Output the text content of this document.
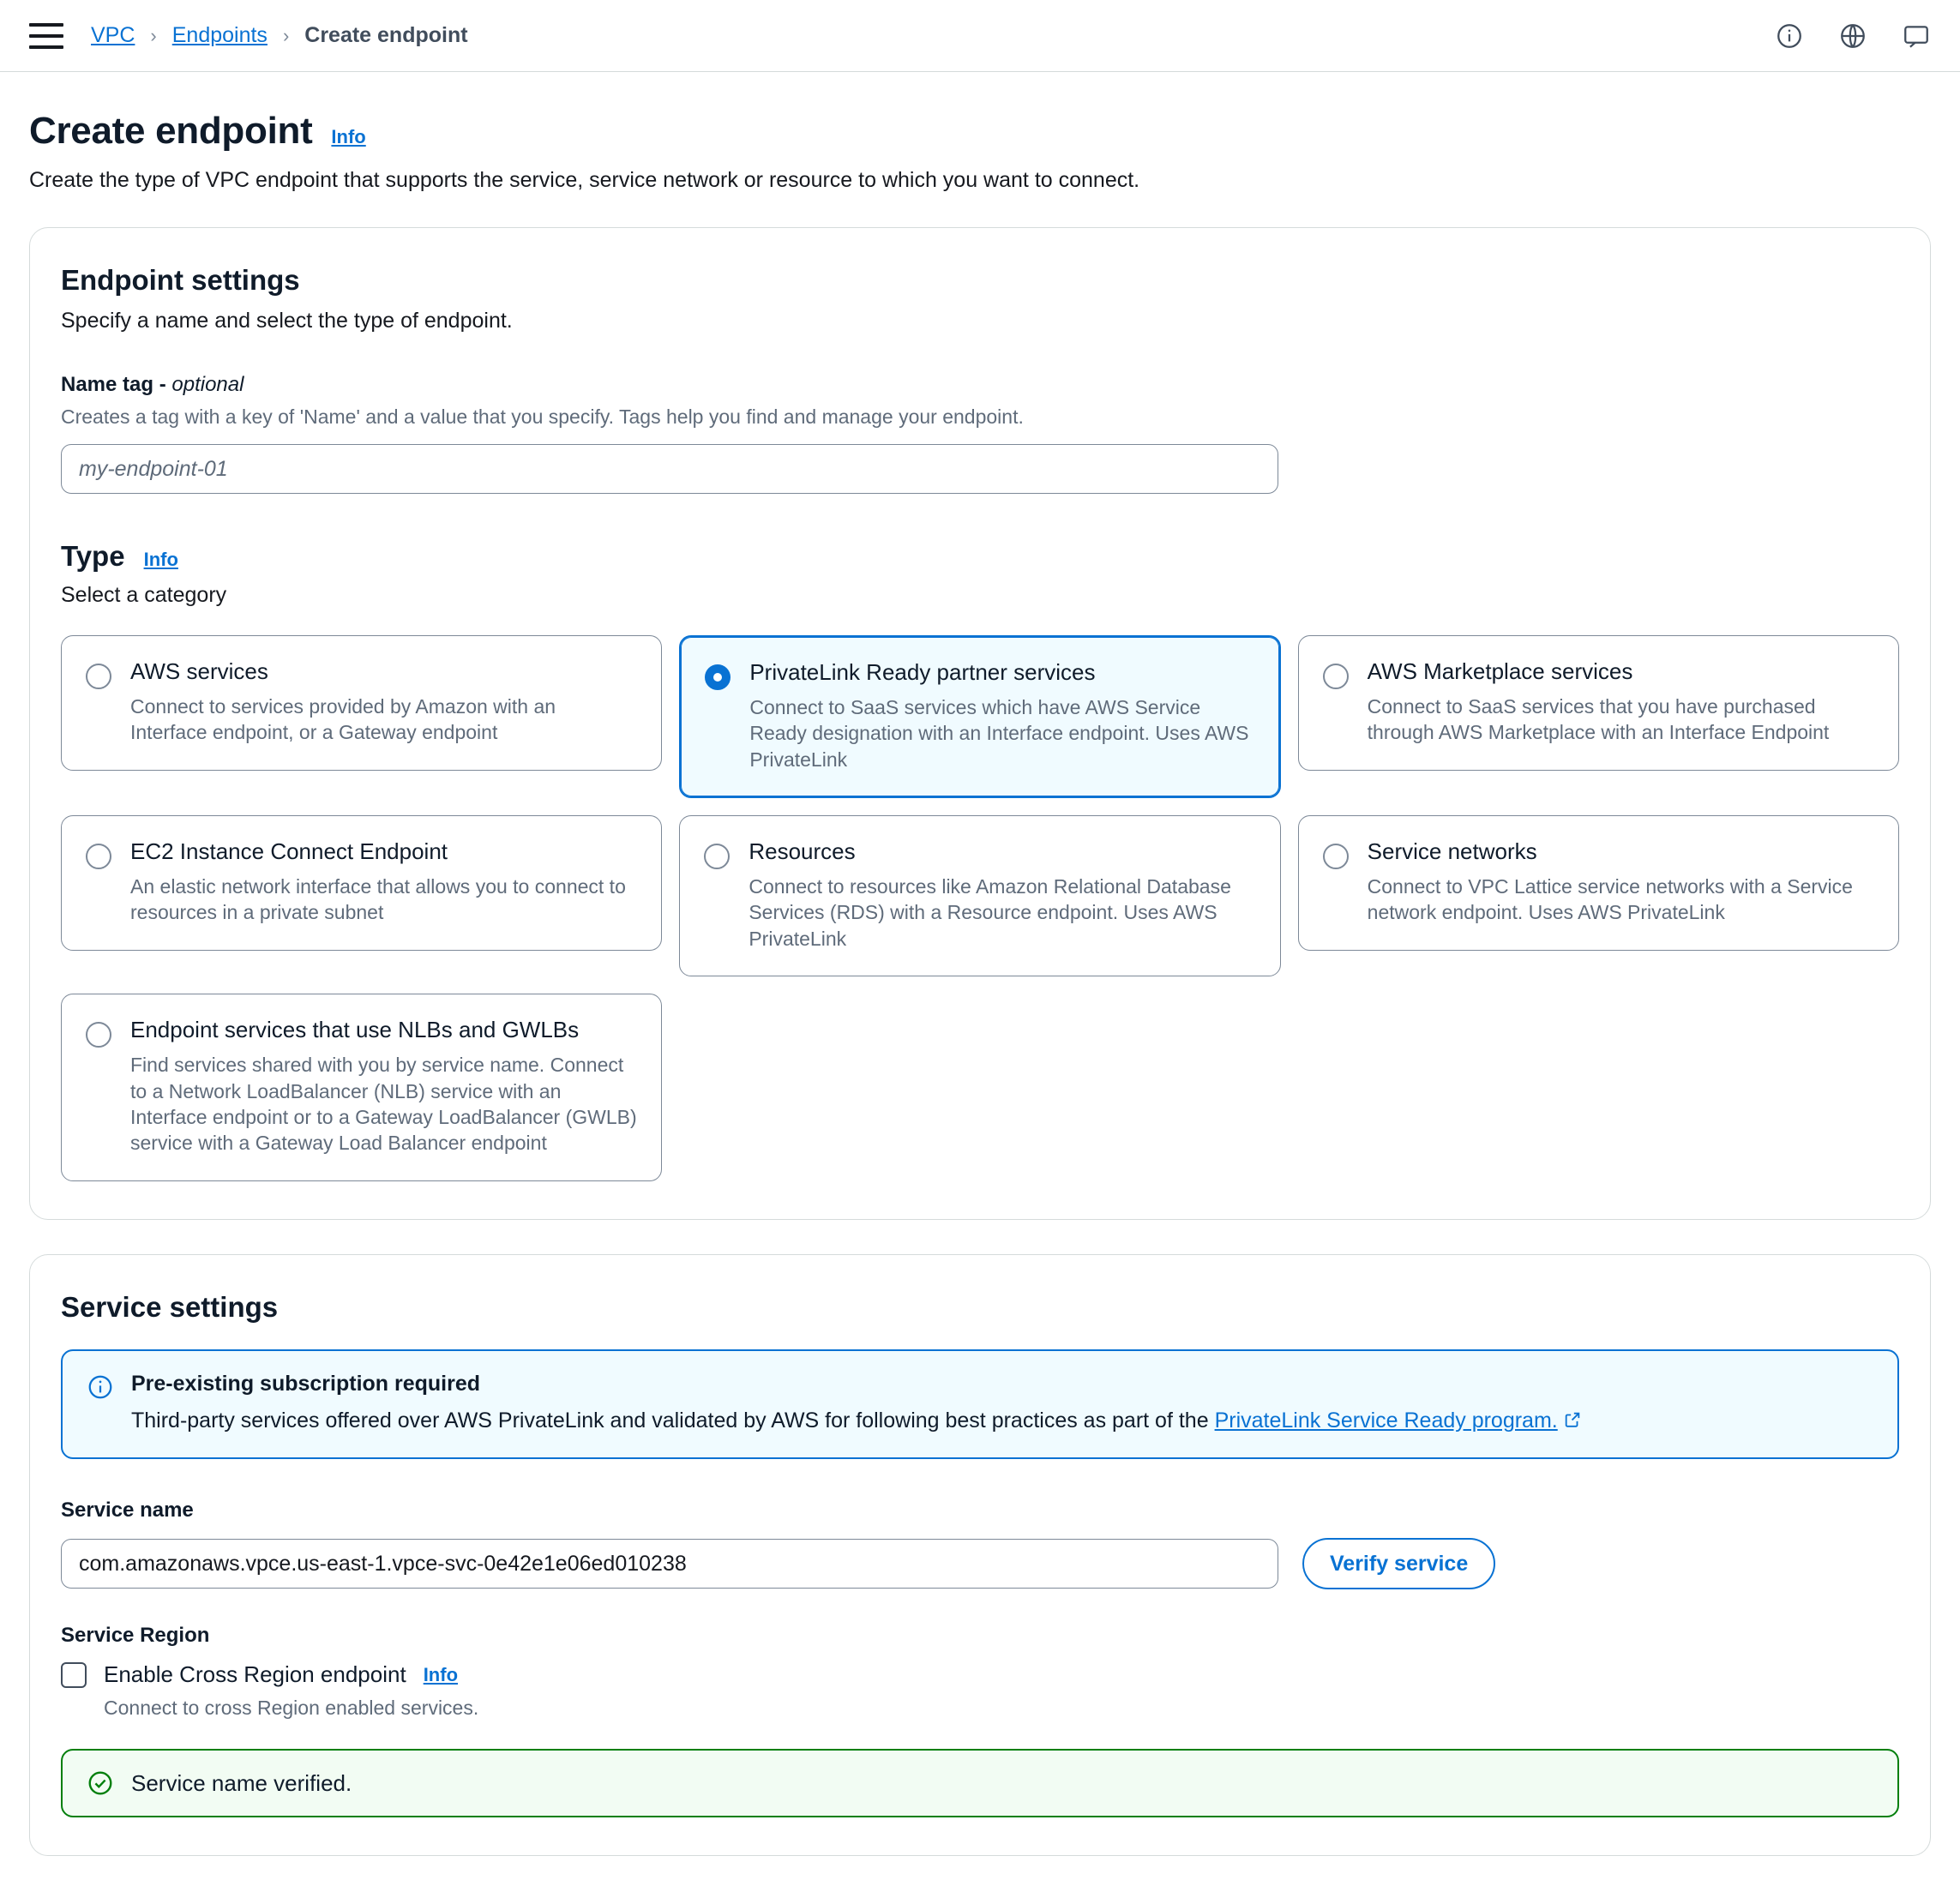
VPC › Endpoints › Create endpoint
Create endpoint Info
Create the type of VPC endpoint that supports the service, service network or resource to which you want to connect.
Endpoint settings
Specify a name and select the type of endpoint.
Name tag - optional
Creates a tag with a key of 'Name' and a value that you specify. Tags help you find and manage your endpoint.
my-endpoint-01
Type Info
Select a category
AWS services
Connect to services provided by Amazon with an Interface endpoint, or a Gateway endpoint
PrivateLink Ready partner services
Connect to SaaS services which have AWS Service Ready designation with an Interface endpoint. Uses AWS PrivateLink
AWS Marketplace services
Connect to SaaS services that you have purchased through AWS Marketplace with an Interface Endpoint
EC2 Instance Connect Endpoint
An elastic network interface that allows you to connect to resources in a private subnet
Resources
Connect to resources like Amazon Relational Database Services (RDS) with a Resource endpoint. Uses AWS PrivateLink
Service networks
Connect to VPC Lattice service networks with a Service network endpoint. Uses AWS PrivateLink
Endpoint services that use NLBs and GWLBs
Find services shared with you by service name. Connect to a Network LoadBalancer (NLB) service with an Interface endpoint or to a Gateway LoadBalancer (GWLB) service with a Gateway Load Balancer endpoint
Service settings
Pre-existing subscription required
Third-party services offered over AWS PrivateLink and validated by AWS for following best practices as part of the PrivateLink Service Ready program.
Service name
com.amazonaws.vpce.us-east-1.vpce-svc-0e42e1e06ed010238
Verify service
Service Region
Enable Cross Region endpoint Info
Connect to cross Region enabled services.
Service name verified.
